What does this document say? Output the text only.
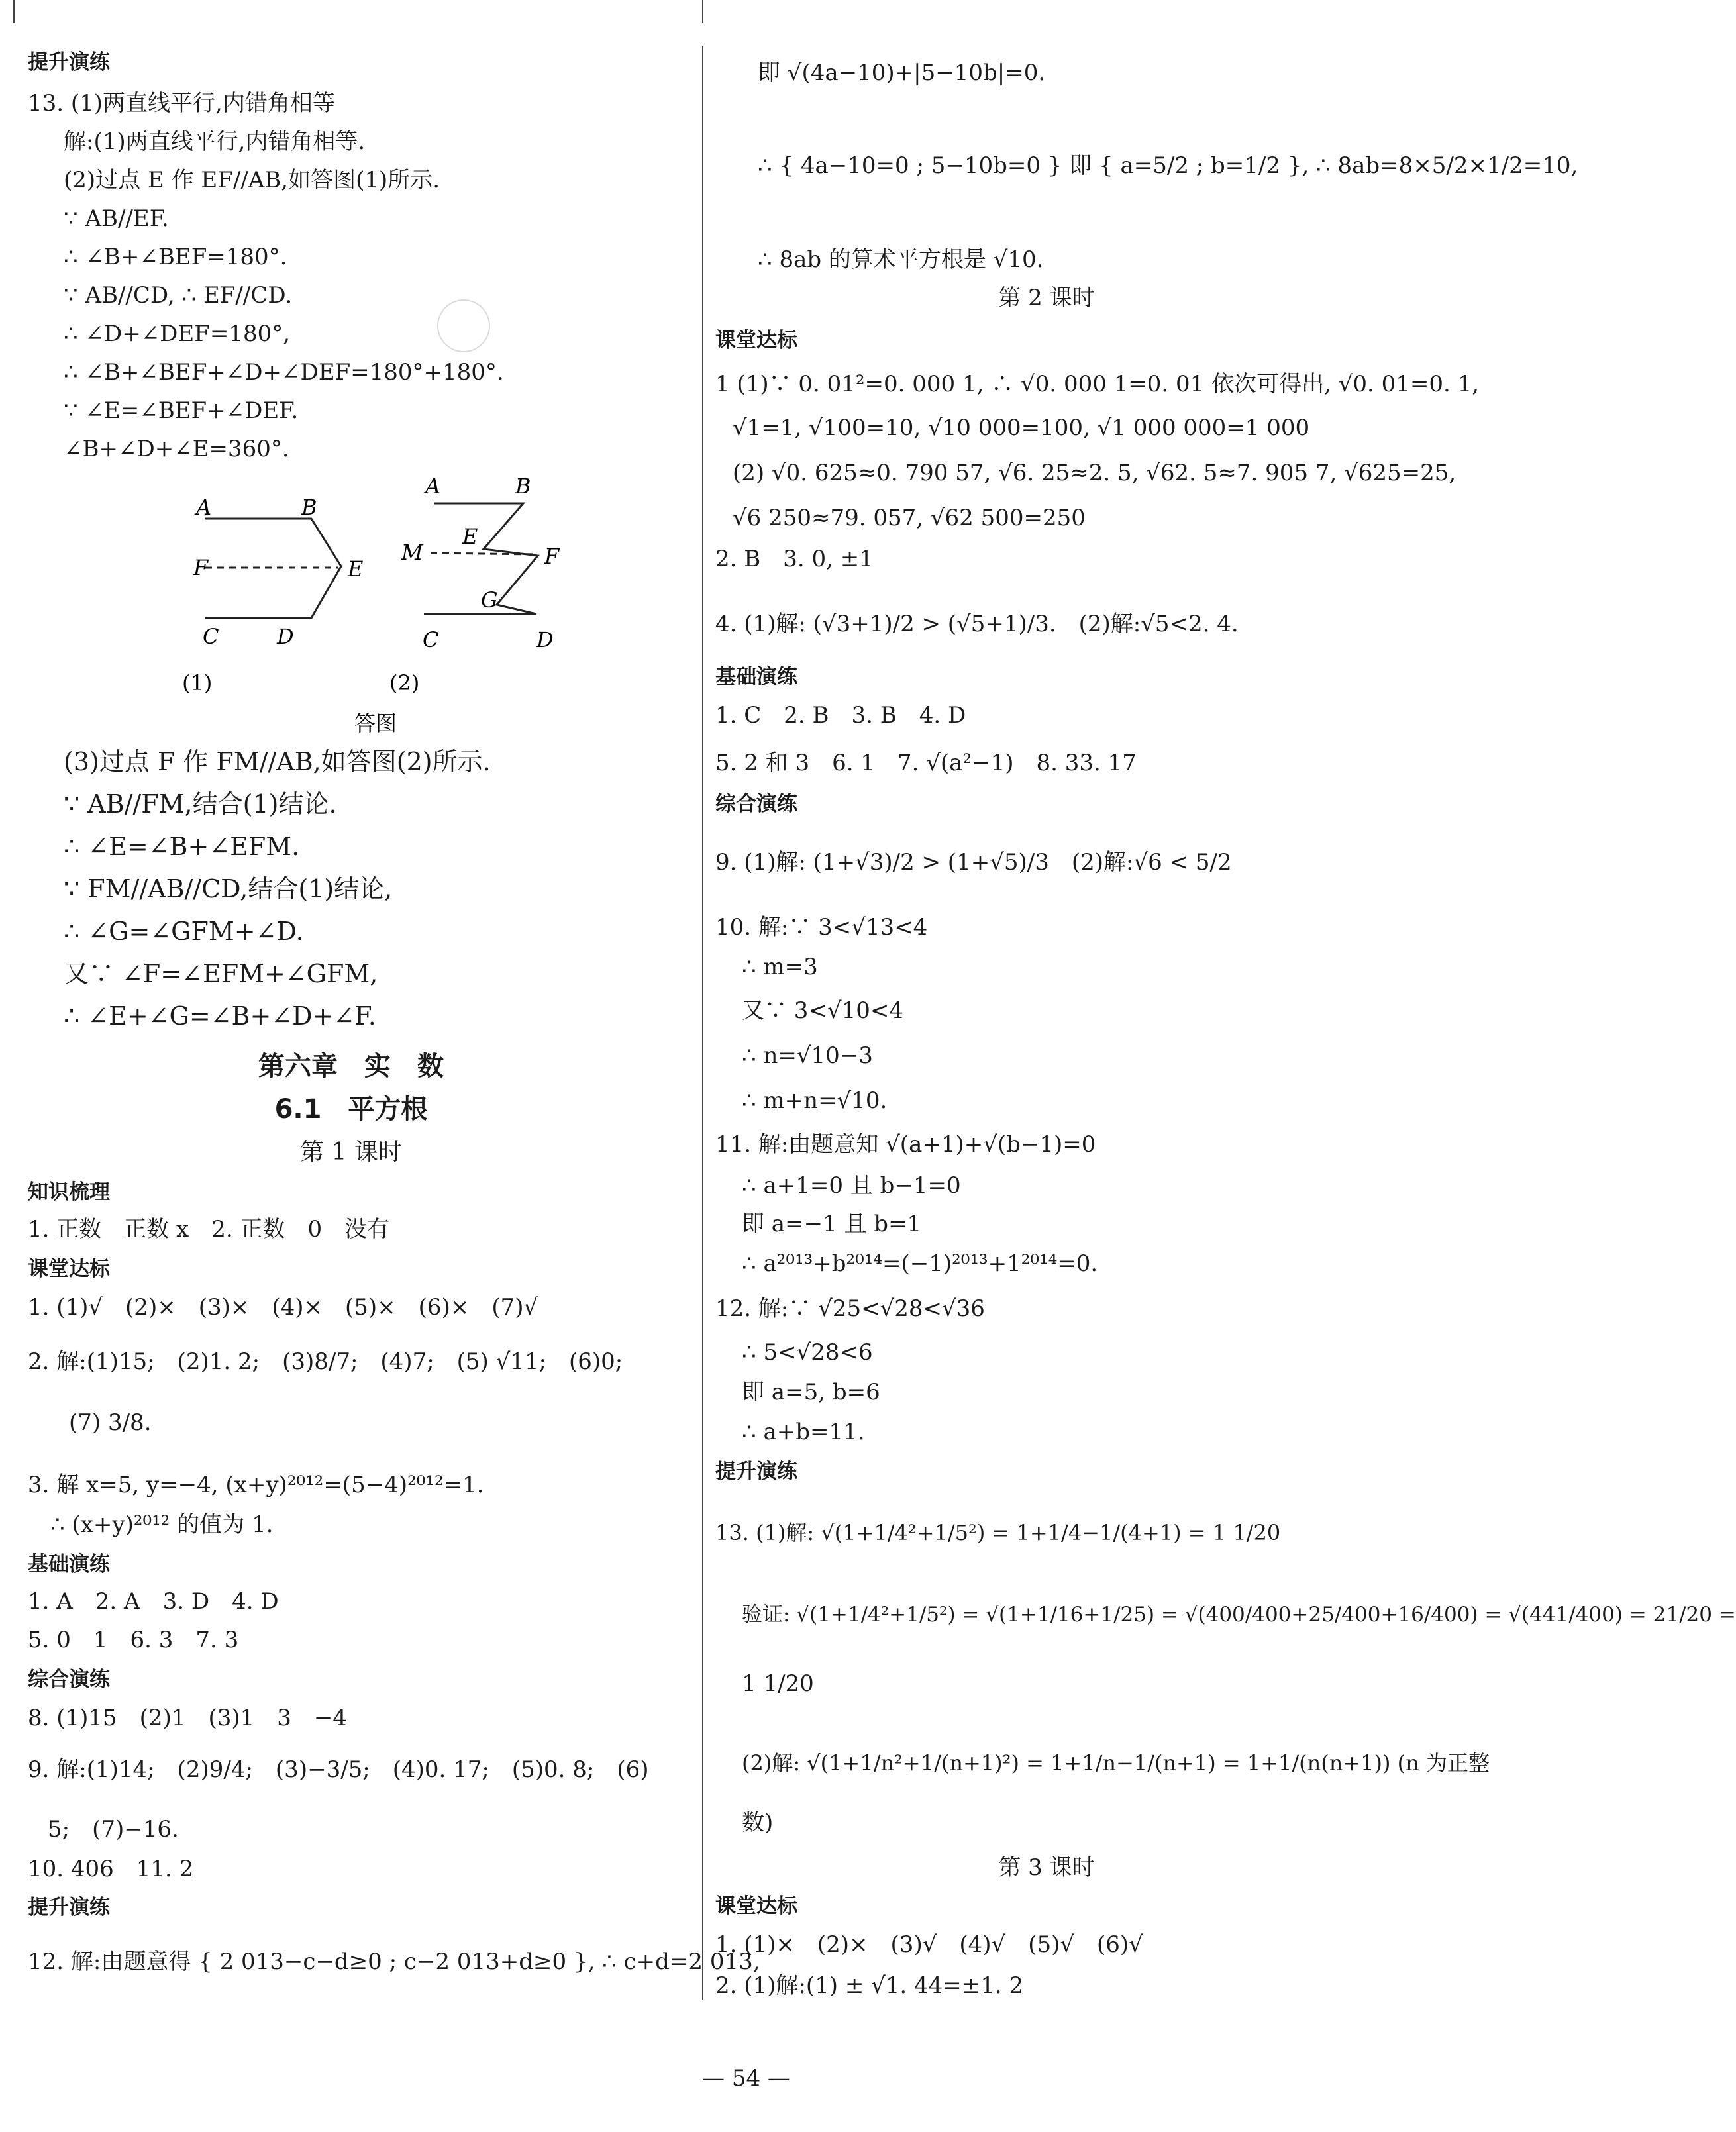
提升演练
13. (1)两直线平行,内错角相等
解:(1)两直线平行,内错角相等.
(2)过点 E 作 EF//AB,如答图(1)所示.
∵ AB//EF.
∴ ∠B+∠BEF=180°.
∵ AB//CD, ∴ EF//CD.
∴ ∠D+∠DEF=180°,
∴ ∠B+∠BEF+∠D+∠DEF=180°+180°.
∵ ∠E=∠BEF+∠DEF.
∠B+∠D+∠E=360°.
A	B
F	E
C	D
(1)
A	B
M
E
F
G
C	D
(2)
答图
(3)过点 F 作 FM//AB,如答图(2)所示.
∵ AB//FM,结合(1)结论.
∴ ∠E=∠B+∠EFM.
∵ FM//AB//CD,结合(1)结论,
∴ ∠G=∠GFM+∠D.
又∵ ∠F=∠EFM+∠GFM,
∴ ∠E+∠G=∠B+∠D+∠F.
第六章　实　数
6.1　平方根
第 1 课时
知识梳理
1. 正数　正数 x　2. 正数　0　没有
课堂达标
1. (1)√　(2)×　(3)×　(4)×　(5)×　(6)×　(7)√
2. 解:(1)15;　(2)1. 2;　(3)8/7;　(4)7;　(5) √11;　(6)0;
(7) 3/8.
3. 解 x=5, y=−4, (x+y)²⁰¹²=(5−4)²⁰¹²=1.
∴ (x+y)²⁰¹² 的值为 1.
基础演练
1. A　2. A　3. D　4. D
5. 0　1　6. 3　7. 3
综合演练
8. (1)15　(2)1　(3)1　3　−4
9. 解:(1)14;　(2)9/4;　(3)−3/5;　(4)0. 17;　(5)0. 8;　(6)
5;　(7)−16.
10. 406　11. 2
提升演练
12. 解:由题意得 { 2 013−c−d≥0 ; c−2 013+d≥0 }, ∴ c+d=2 013,
即 √(4a−10)+|5−10b|=0.
∴ { 4a−10=0 ; 5−10b=0 } 即 { a=5/2 ; b=1/2 }, ∴ 8ab=8×5/2×1/2=10,
∴ 8ab 的算术平方根是 √10.
第 2 课时
课堂达标
1 (1)∵ 0. 01²=0. 000 1, ∴ √0. 000 1=0. 01 依次可得出, √0. 01=0. 1,
√1=1, √100=10, √10 000=100, √1 000 000=1 000
(2) √0. 625≈0. 790 57, √6. 25≈2. 5, √62. 5≈7. 905 7, √625=25,
√6 250≈79. 057, √62 500=250
2. B　3. 0, ±1
4. (1)解: (√3+1)/2 > (√5+1)/3.　(2)解:√5<2. 4.
基础演练
1. C　2. B　3. B　4. D
5. 2 和 3　6. 1　7. √(a²−1)　8. 33. 17
综合演练
9. (1)解: (1+√3)/2 > (1+√5)/3　(2)解:√6 < 5/2
10. 解:∵ 3<√13<4
∴ m=3
又∵ 3<√10<4
∴ n=√10−3
∴ m+n=√10.
11. 解:由题意知 √(a+1)+√(b−1)=0
∴ a+1=0 且 b−1=0
即 a=−1 且 b=1
∴ a²⁰¹³+b²⁰¹⁴=(−1)²⁰¹³+1²⁰¹⁴=0.
12. 解:∵ √25<√28<√36
∴ 5<√28<6
即 a=5, b=6
∴ a+b=11.
提升演练
13. (1)解: √(1+1/4²+1/5²) = 1+1/4−1/(4+1) = 1 1/20
验证: √(1+1/4²+1/5²) = √(1+1/16+1/25) = √(400/400+25/400+16/400) = √(441/400) = 21/20 =
1 1/20
(2)解: √(1+1/n²+1/(n+1)²) = 1+1/n−1/(n+1) = 1+1/(n(n+1)) (n 为正整
数)
第 3 课时
课堂达标
1. (1)×　(2)×　(3)√　(4)√　(5)√　(6)√
2. (1)解:(1) ± √1. 44=±1. 2
— 54 —
